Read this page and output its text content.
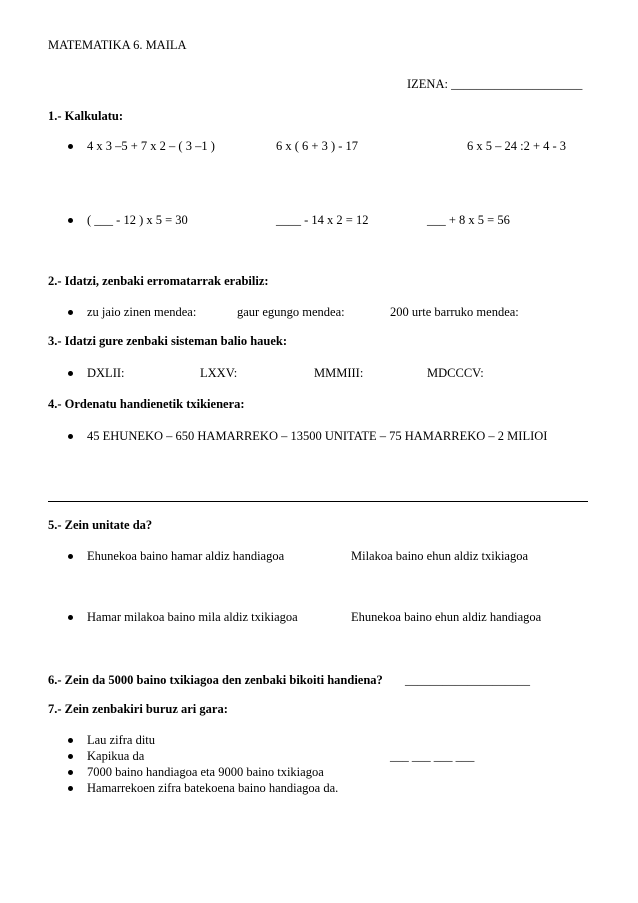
MATEMATIKA 6. MAILA
IZENA: _____________________
1.- Kalkulatu:
4 x 3 –5 + 7 x 2 – ( 3 –1 )	6 x ( 6 + 3 ) - 17	6 x 5 – 24 :2 + 4 - 3
( ___ - 12 ) x 5 = 30	____ - 14 x 2 = 12	___ + 8 x 5 = 56
2.- Idatzi, zenbaki erromatarrak erabiliz:
zu jaio zinen mendea:	gaur egungo mendea:	200 urte barruko mendea:
3.- Idatzi gure zenbaki sisteman balio hauek:
DXLII:	LXXV:	MMMIII:	MDCCCV:
4.- Ordenatu handienetik txikienera:
45 EHUNEKO – 650 HAMARREKO – 13500 UNITATE – 75 HAMARREKO – 2 MILIOI
5.- Zein unitate da?
Ehunekoa baino hamar aldiz handiagoa	Milakoa baino ehun aldiz txikiagoa
Hamar milakoa baino mila aldiz txikiagoa	Ehunekoa baino ehun aldiz handiagoa
6.- Zein da 5000 baino txikiagoa den zenbaki bikoiti handiena? ____________________
7.- Zein zenbakiri buruz ari gara:
Lau zifra ditu
Kapikua da
7000 baino handiagoa eta 9000 baino txikiagoa
Hamarrekoen zifra batekoena baino handiagoa da.
___ ___ ___ ___
